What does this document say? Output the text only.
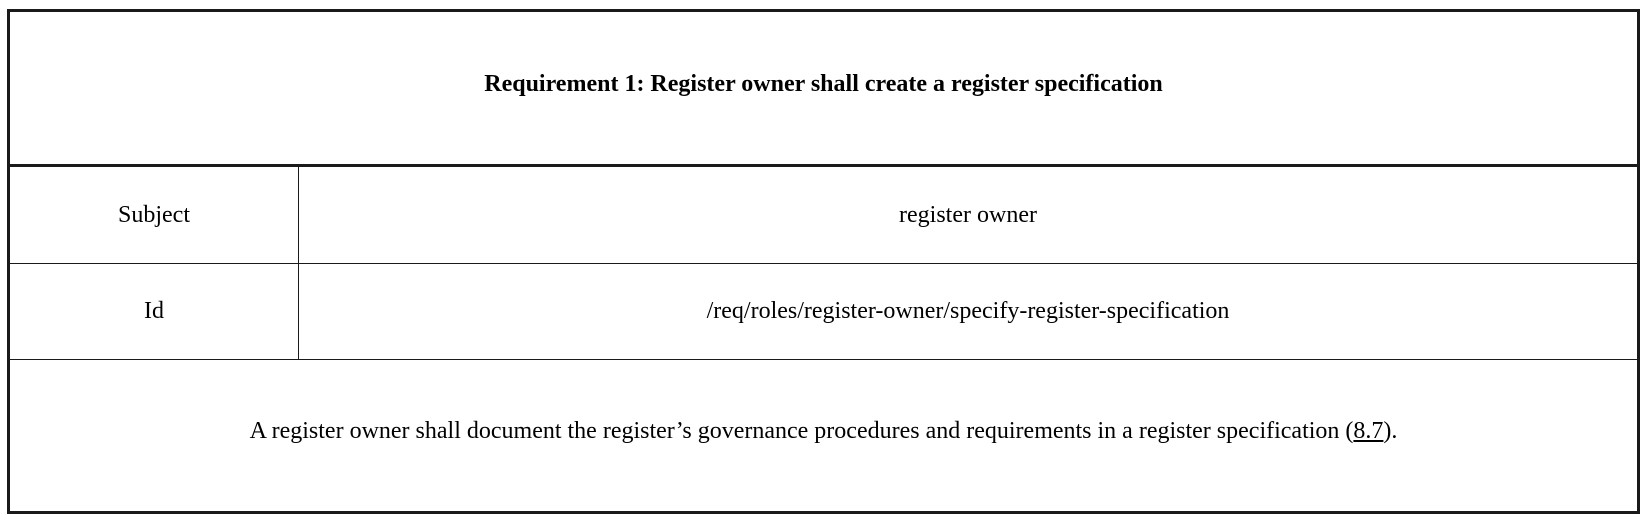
Requirement 1: Register owner shall create a register specification
Subject	register owner
Id	/req/roles/register-owner/specify-register-specification
A register owner shall document the register’s governance procedures and requirements in a register specification (8.7).
